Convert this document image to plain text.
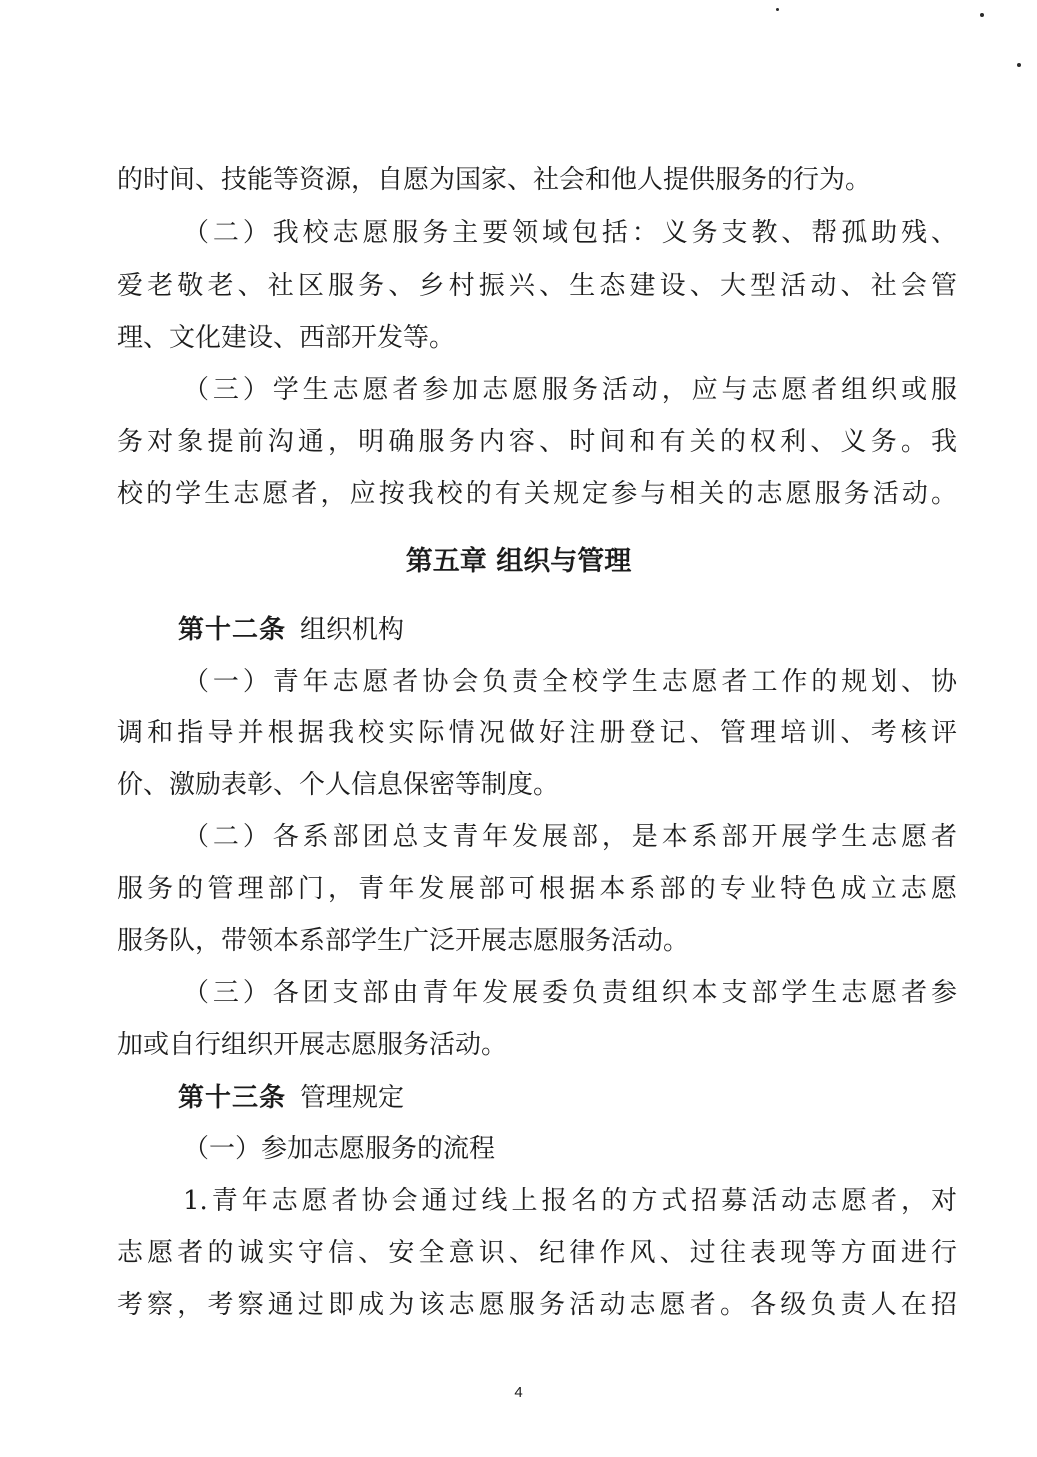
的时间、技能等资源，自愿为国家、社会和他人提供服务的行为。
（二）我校志愿服务主要领域包括：义务支教、帮孤助残、
爱老敬老、社区服务、乡村振兴、生态建设、大型活动、社会管
理、文化建设、西部开发等。
（三）学生志愿者参加志愿服务活动，应与志愿者组织或服
务对象提前沟通，明确服务内容、时间和有关的权利、义务。我
校的学生志愿者，应按我校的有关规定参与相关的志愿服务活动。
第五章 组织与管理
第十二条 组织机构
（一）青年志愿者协会负责全校学生志愿者工作的规划、协
调和指导并根据我校实际情况做好注册登记、管理培训、考核评
价、激励表彰、个人信息保密等制度。
（二）各系部团总支青年发展部，是本系部开展学生志愿者
服务的管理部门，青年发展部可根据本系部的专业特色成立志愿
服务队，带领本系部学生广泛开展志愿服务活动。
（三）各团支部由青年发展委负责组织本支部学生志愿者参
加或自行组织开展志愿服务活动。
第十三条 管理规定
（一）参加志愿服务的流程
1.青年志愿者协会通过线上报名的方式招募活动志愿者，对
志愿者的诚实守信、安全意识、纪律作风、过往表现等方面进行
考察，考察通过即成为该志愿服务活动志愿者。各级负责人在招
4
